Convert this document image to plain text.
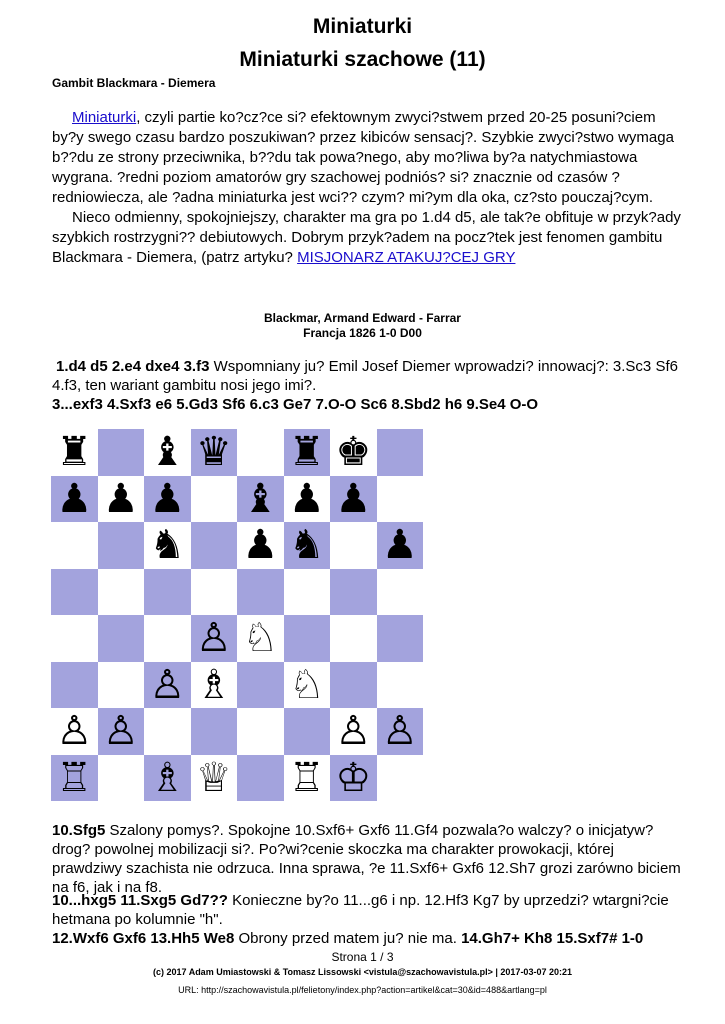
Miniaturki
Miniaturki szachowe (11)
Gambit Blackmara - Diemera
Miniaturki, czyli partie ko?cz?ce si? efektownym zwyci?stwem przed 20-25 posuni?ciem by?y swego czasu bardzo poszukiwan? przez kibiców sensacj?. Szybkie zwyci?stwo wymaga b??du ze strony przeciwnika, b??du tak powa?nego, aby mo?liwa by?a natychmiastowa wygrana. ?redni poziom amatorów gry szachowej podniós? si? znacznie od czasów ?redniowiecza, ale ?adna miniaturka jest wci?? czym? mi?ym dla oka, cz?sto pouczaj?cym.
Nieco odmienny, spokojniejszy, charakter ma gra po 1.d4 d5, ale tak?e obfituje w przyk?ady szybkich rostrzygni?? debiutowych. Dobrym przyk?adem na pocz?tek jest fenomen gambitu Blackmara - Diemera, (patrz artyku? MISJONARZ ATAKUJ?CEJ GRY
Blackmar, Armand Edward - Farrar
Francja 1826 1-0 D00
1.d4 d5 2.e4 dxe4 3.f3 Wspomniany ju? Emil Josef Diemer wprowadzi? innowacj?: 3.Sc3 Sf6 4.f3, ten wariant gambitu nosi jego imi?.
3...exf3 4.Sxf3 e6 5.Gd3 Sf6 6.c3 Ge7 7.O-O Sc6 8.Sbd2 h6 9.Se4 O-O
♜ ♝ ♛ ♜ ♚
♟ ♟ ♟ ♝ ♟ ♟
♞ ♟ ♞ ♟
♙ ♘
♙ ♗ ♘
♙ ♙	♙ ♙
♖ ♗ ♕ ♖ ♔
10.Sfg5 Szalony pomys?. Spokojne 10.Sxf6+ Gxf6 11.Gf4 pozwala?o walczy? o inicjatyw? drog? powolnej mobilizacji si?. Po?wi?cenie skoczka ma charakter prowokacji, której prawdziwy szachista nie odrzuca. Inna sprawa, ?e 11.Sxf6+ Gxf6 12.Sh7 grozi zarówno biciem na f6, jak i na f8.
10...hxg5 11.Sxg5 Gd7?? Konieczne by?o 11...g6 i np. 12.Hf3 Kg7 by uprzedzi? wtargni?cie hetmana po kolumnie "h".
12.Wxf6 Gxf6 13.Hh5 We8 Obrony przed matem ju? nie ma. 14.Gh7+ Kh8 15.Sxf7# 1-0
Strona 1 / 3
(c) 2017 Adam Umiastowski & Tomasz Lissowski <vistula@szachowavistula.pl> | 2017-03-07 20:21
URL: http://szachowavistula.pl/felietony/index.php?action=artikel&cat=30&id=488&artlang=pl
